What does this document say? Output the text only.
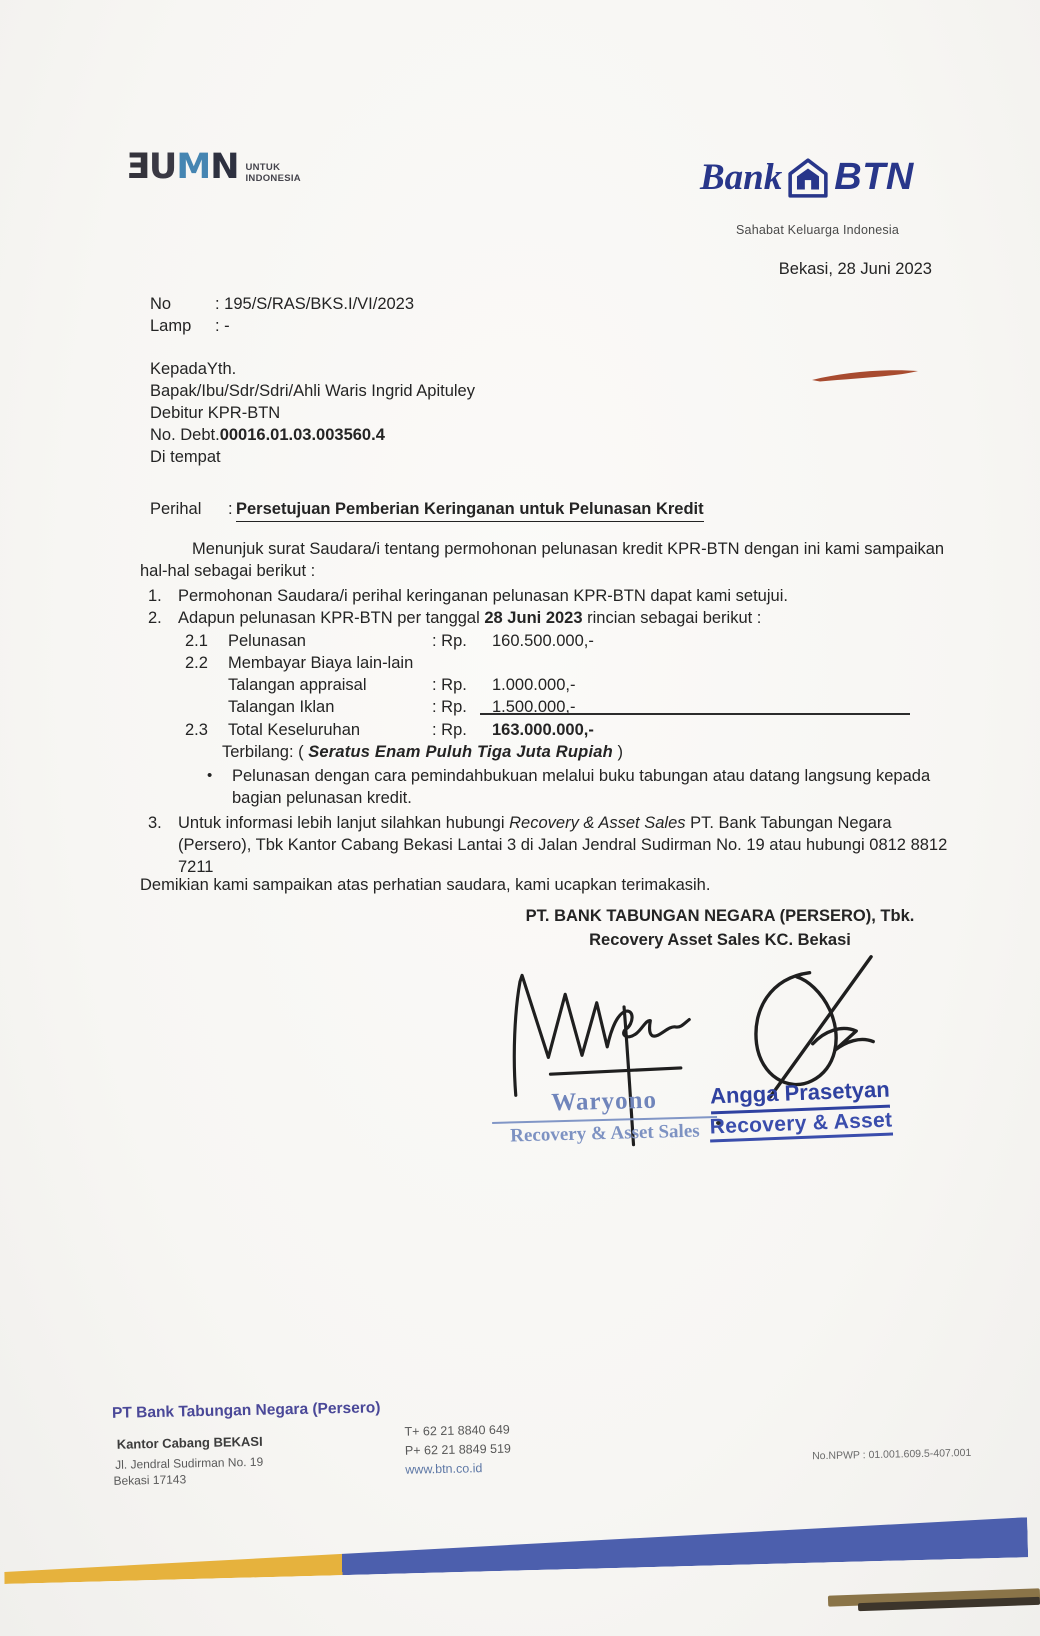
ƎUMN UNTUK
INDONESIA	Bank BTN
Sahabat Keluarga Indonesia
Bekasi, 28 Juni 2023
No	: 195/S/RAS/BKS.I/VI/2023
Lamp : -
KepadaYth.
Bapak/Ibu/Sdr/Sdri/Ahli Waris Ingrid Apituley
Debitur KPR-BTN
No. Debt.00016.01.03.003560.4
Di tempat
Perihal : Persetujuan Pemberian Keringanan untuk Pelunasan Kredit
Menunjuk surat Saudara/i tentang permohonan pelunasan kredit KPR-BTN dengan ini kami sampaikan hal-hal sebagai berikut :
1. Permohonan Saudara/i perihal keringanan pelunasan KPR-BTN dapat kami setujui.
2. Adapun pelunasan KPR-BTN per tanggal 28 Juni 2023 rincian sebagai berikut :
2.1 Pelunasan	: Rp. 160.500.000,-
2.2 Membayar Biaya lain-lain
Talangan appraisal	: Rp. 1.000.000,-
Talangan Iklan	: Rp. 1.500.000,-
2.3 Total Keseluruhan	: Rp. 163.000.000,-
Terbilang: ( Seratus Enam Puluh Tiga Juta Rupiah )
• Pelunasan dengan cara pemindahbukuan melalui buku tabungan atau datang langsung kepada bagian pelunasan kredit.
3. Untuk informasi lebih lanjut silahkan hubungi Recovery & Asset Sales PT. Bank Tabungan Negara (Persero), Tbk Kantor Cabang Bekasi Lantai 3 di Jalan Jendral Sudirman No. 19 atau hubungi 0812 8812 7211
Demikian kami sampaikan atas perhatian saudara, kami ucapkan terimakasih.
PT. BANK TABUNGAN NEGARA (PERSERO), Tbk.
Recovery Asset Sales KC. Bekasi
Waryono
Recovery & Asset Sales
Angga Prasetyan
Recovery & Asset
PT Bank Tabungan Negara (Persero)
Kantor Cabang BEKASI
Jl. Jendral Sudirman No. 19
Bekasi 17143
T+ 62 21 8840 649
P+ 62 21 8849 519
www.btn.co.id
No.NPWP : 01.001.609.5-407.001
